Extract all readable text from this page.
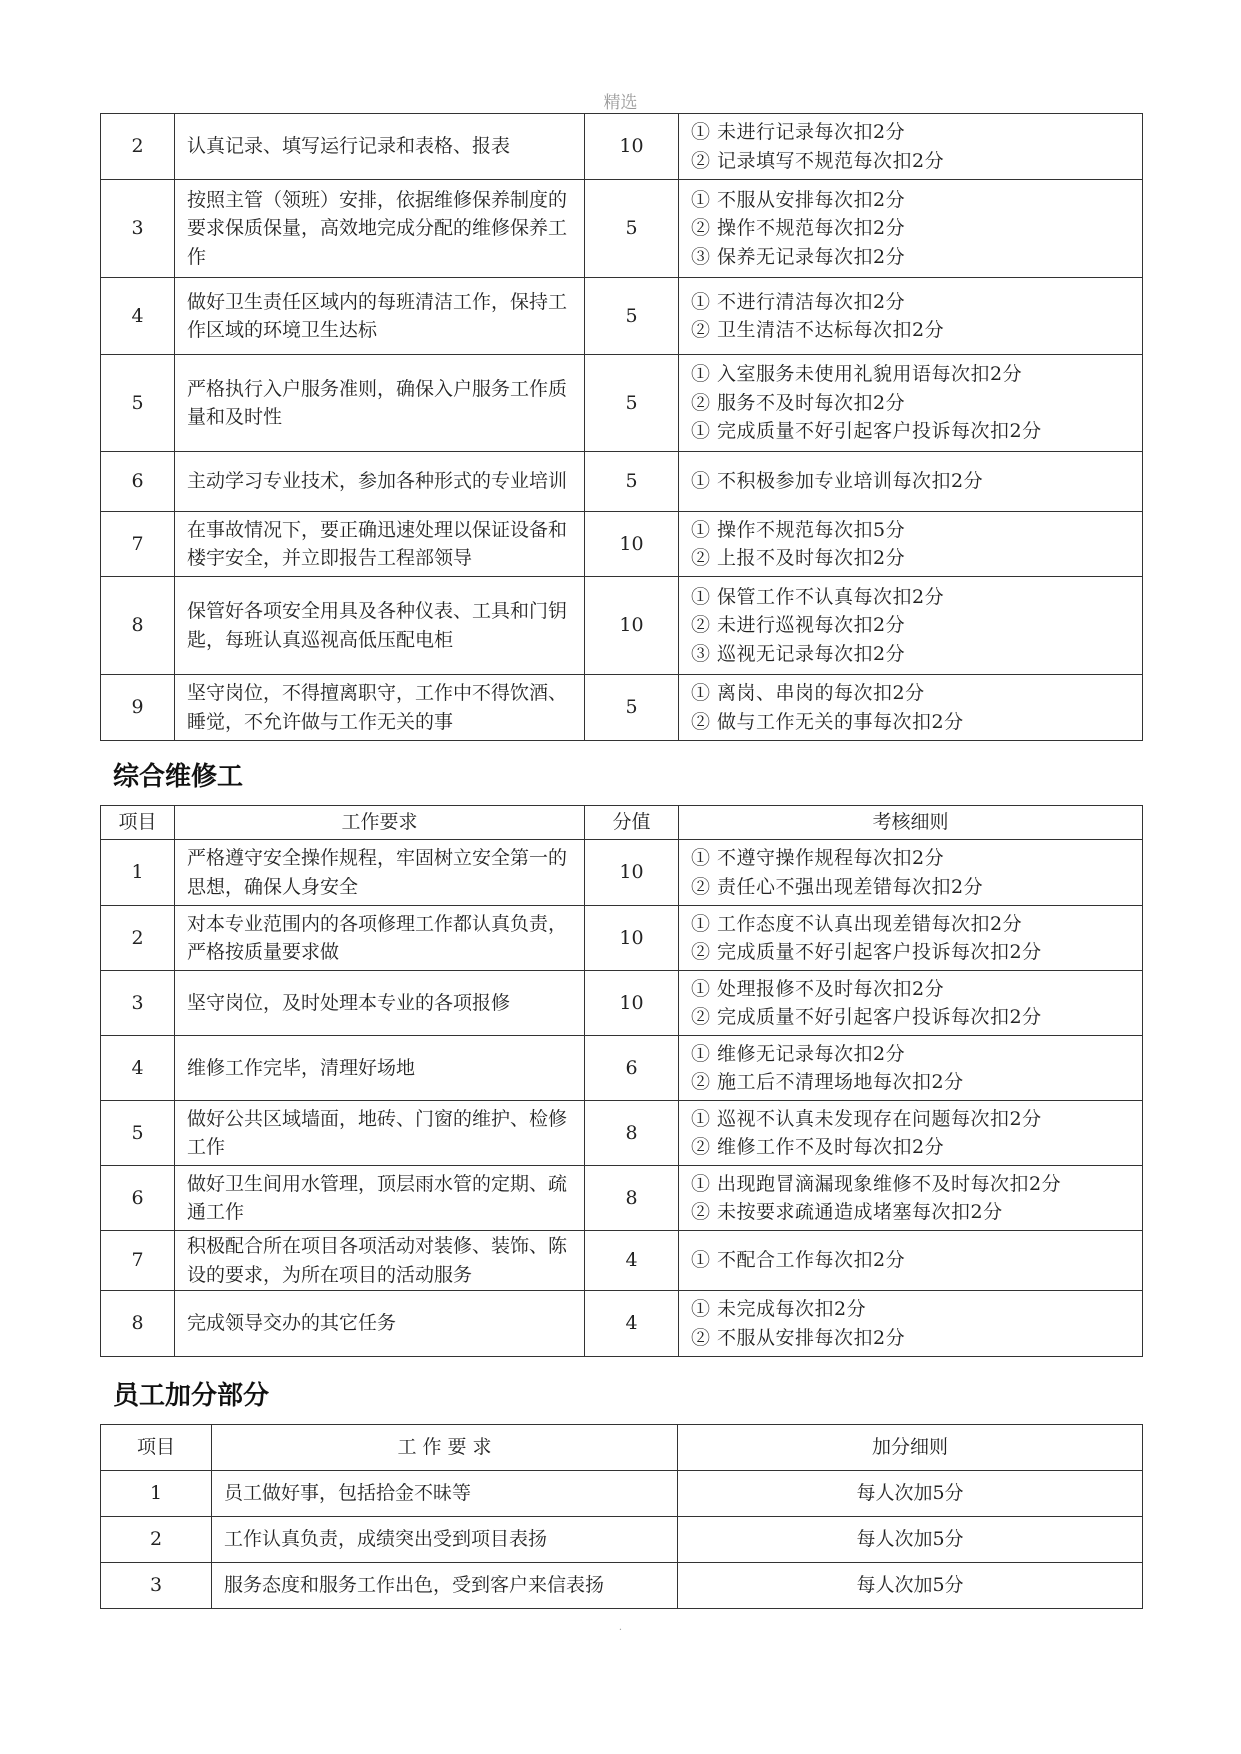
精选
2	认真记录、填写运行记录和表格、报表	10	① 未进行记录每次扣2分
② 记录填写不规范每次扣2分

3	按照主管（领班）安排，依据维修保养制度的要求保质保量，高效地完成分配的维修保养工作	5	① 不服从安排每次扣2分
② 操作不规范每次扣2分
③ 保养无记录每次扣2分

4	做好卫生责任区域内的每班清洁工作，保持工作区域的环境卫生达标	5	① 不进行清洁每次扣2分
② 卫生清洁不达标每次扣2分

5	严格执行入户服务准则，确保入户服务工作质量和及时性	5	① 入室服务未使用礼貌用语每次扣2分
② 服务不及时每次扣2分
① 完成质量不好引起客户投诉每次扣2分

6	主动学习专业技术，参加各种形式的专业培训	5	① 不积极参加专业培训每次扣2分

7	在事故情况下，要正确迅速处理以保证设备和楼宇安全，并立即报告工程部领导	10	① 操作不规范每次扣5分
② 上报不及时每次扣2分

8	保管好各项安全用具及各种仪表、工具和门钥匙，每班认真巡视高低压配电柜	10	① 保管工作不认真每次扣2分
② 未进行巡视每次扣2分
③ 巡视无记录每次扣2分

9	坚守岗位，不得擅离职守，工作中不得饮酒、睡觉，不允许做与工作无关的事	5	① 离岗、串岗的每次扣2分
② 做与工作无关的事每次扣2分
综合维修工
项目	工作要求	分值	考核细则
1	严格遵守安全操作规程，牢固树立安全第一的思想，确保人身安全	10	① 不遵守操作规程每次扣2分
② 责任心不强出现差错每次扣2分

2	对本专业范围内的各项修理工作都认真负责，严格按质量要求做	10	① 工作态度不认真出现差错每次扣2分
② 完成质量不好引起客户投诉每次扣2分

3	坚守岗位，及时处理本专业的各项报修	10	① 处理报修不及时每次扣2分
② 完成质量不好引起客户投诉每次扣2分

4	维修工作完毕，清理好场地	6	① 维修无记录每次扣2分
② 施工后不清理场地每次扣2分

5	做好公共区域墙面，地砖、门窗的维护、检修工作	8	① 巡视不认真未发现存在问题每次扣2分
② 维修工作不及时每次扣2分

6	做好卫生间用水管理，顶层雨水管的定期、疏通工作	8	① 出现跑冒滴漏现象维修不及时每次扣2分
② 未按要求疏通造成堵塞每次扣2分

7	积极配合所在项目各项活动对装修、装饰、陈设的要求，为所在项目的活动服务	4	① 不配合工作每次扣2分

8	完成领导交办的其它任务	4	① 未完成每次扣2分
② 不服从安排每次扣2分
员工加分部分
项目	工 作 要 求	加分细则
1	员工做好事，包括拾金不昧等	每人次加5分
2	工作认真负责，成绩突出受到项目表扬	每人次加5分
3	服务态度和服务工作出色，受到客户来信表扬	每人次加5分
.
